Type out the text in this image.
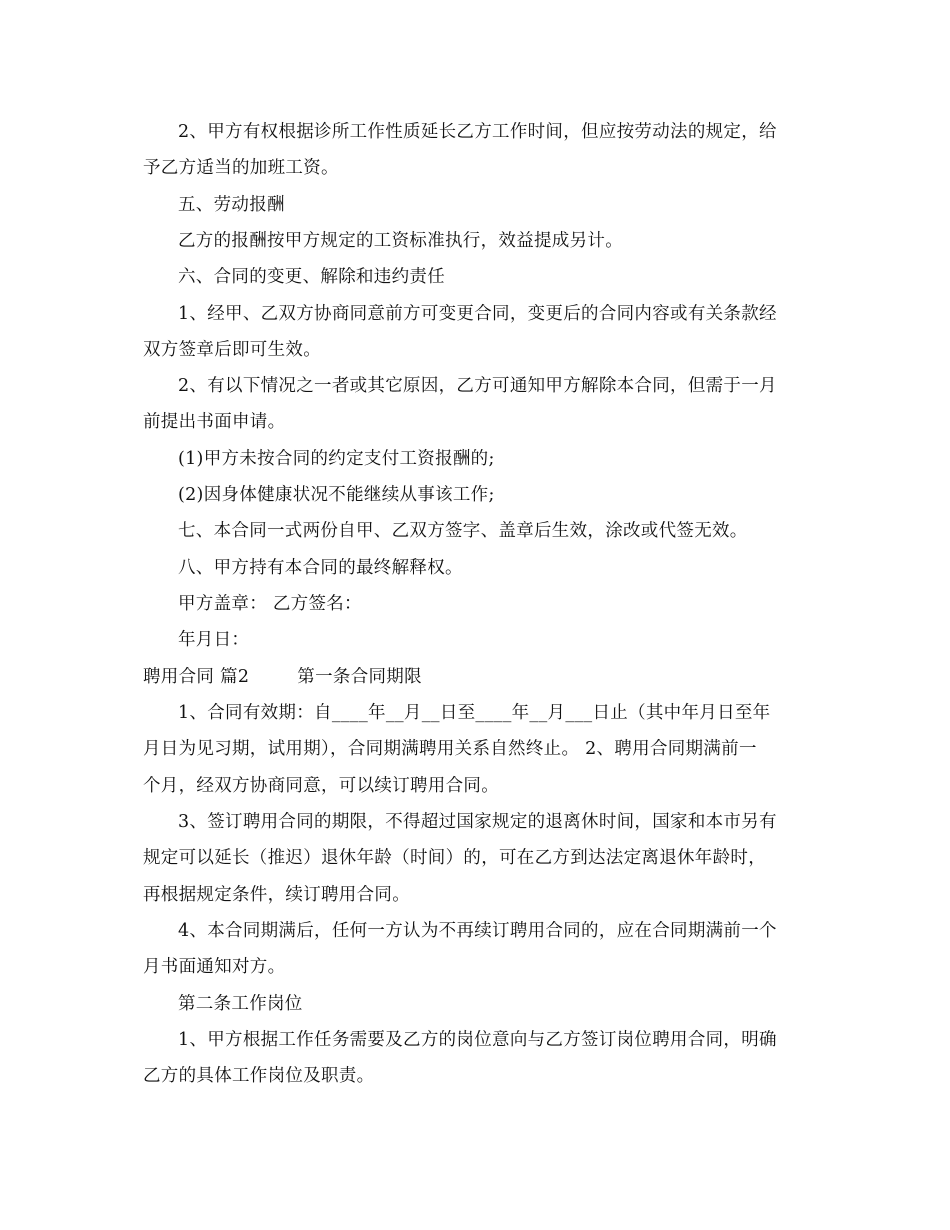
2、甲方有权根据诊所工作性质延长乙方工作时间，但应按劳动法的规定，给
予乙方适当的加班工资。
五、劳动报酬
乙方的报酬按甲方规定的工资标准执行，效益提成另计。
六、合同的变更、解除和违约责任
1、经甲、乙双方协商同意前方可变更合同，变更后的合同内容或有关条款经
双方签章后即可生效。
2、有以下情况之一者或其它原因，乙方可通知甲方解除本合同，但需于一月
前提出书面申请。
(1)甲方未按合同的约定支付工资报酬的;
(2)因身体健康状况不能继续从事该工作;
七、本合同一式两份自甲、乙双方签字、盖章后生效，涂改或代签无效。
八、甲方持有本合同的最终解释权。
甲方盖章： 乙方签名：
年月日：
聘用合同 篇2	第一条合同期限
1、合同有效期：自____年__月__日至____年__月___日止（其中年月日至年
月日为见习期，试用期），合同期满聘用关系自然终止。 2、聘用合同期满前一
个月，经双方协商同意，可以续订聘用合同。
3、签订聘用合同的期限，不得超过国家规定的退离休时间，国家和本市另有
规定可以延长（推迟）退休年龄（时间）的，可在乙方到达法定离退休年龄时，
再根据规定条件，续订聘用合同。
4、本合同期满后，任何一方认为不再续订聘用合同的，应在合同期满前一个
月书面通知对方。
第二条工作岗位
1、甲方根据工作任务需要及乙方的岗位意向与乙方签订岗位聘用合同，明确
乙方的具体工作岗位及职责。
